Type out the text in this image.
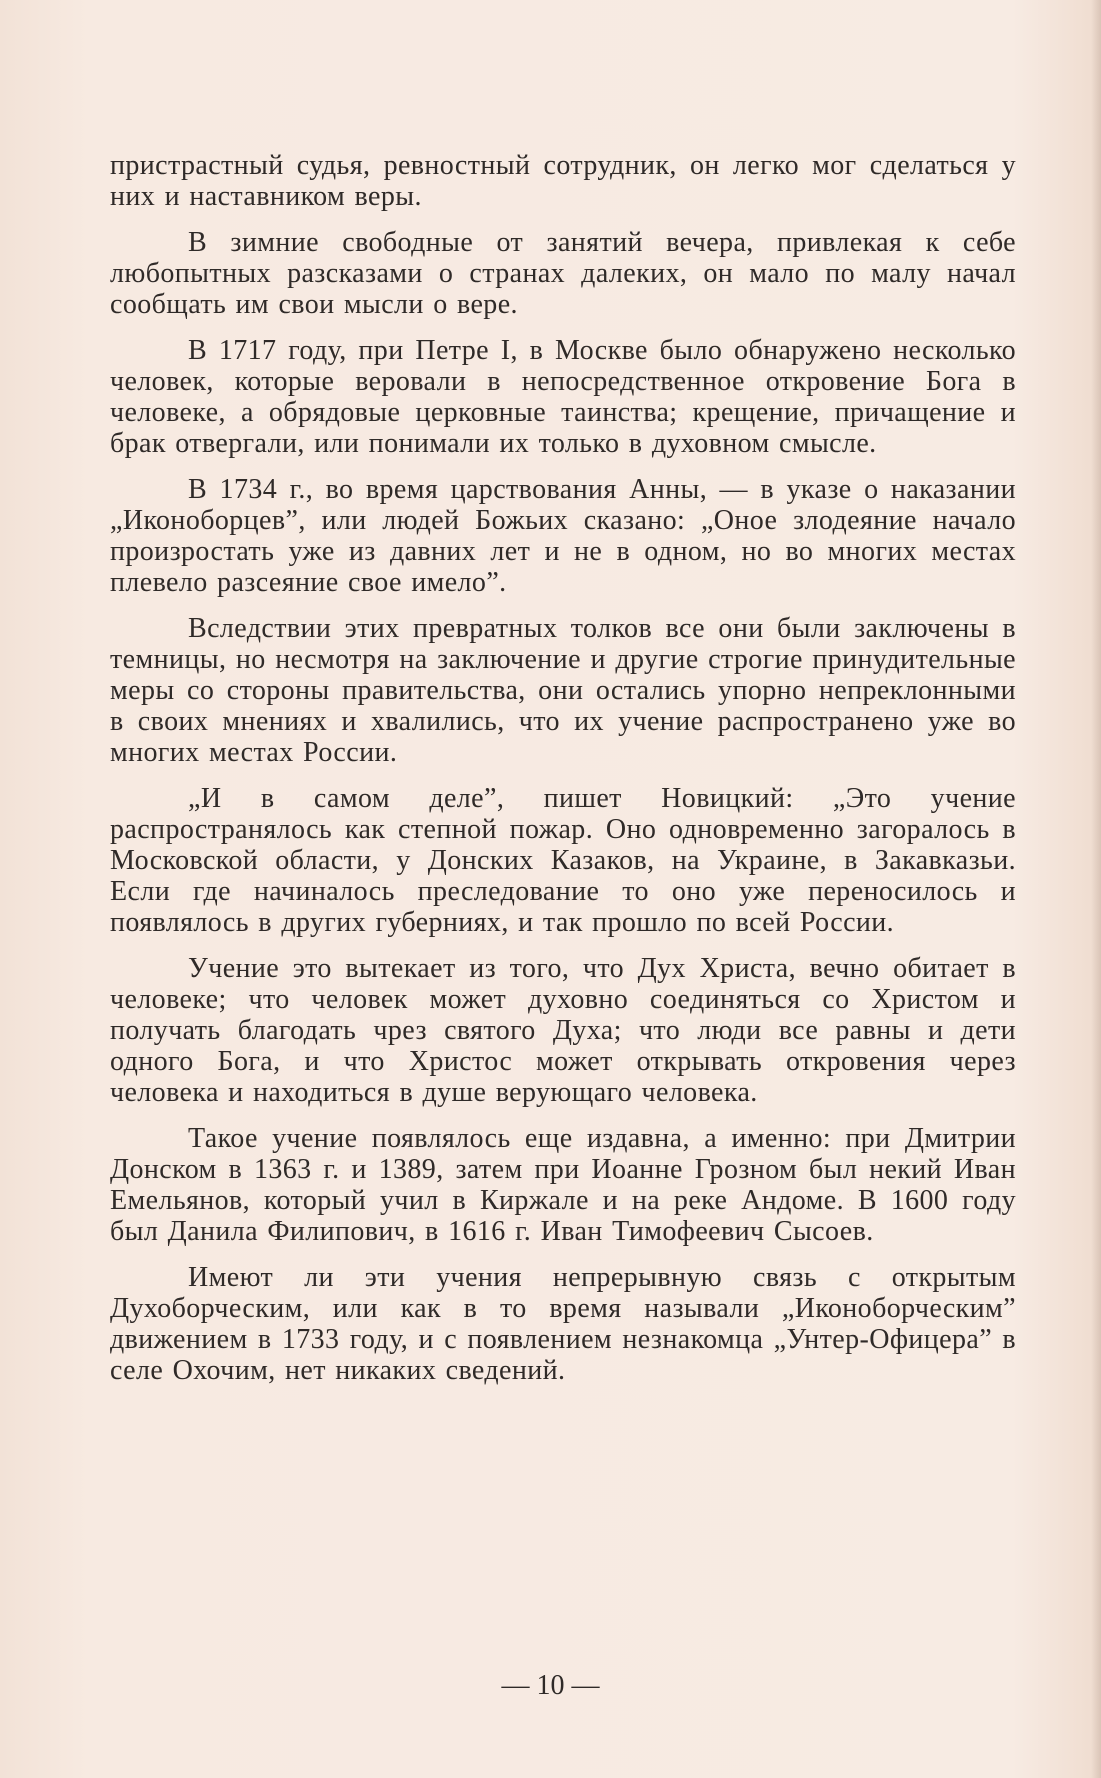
пристрастный судья, ревностный сотрудник, он легко мог сделаться у них и наставником веры.

В зимние свободные от занятий вечера, привлекая к себе любопытных разсказами о странах далеких, он мало по малу начал сообщать им свои мысли о вере.

В 1717 году, при Петре I, в Москве было обнаружено несколько человек, которые веровали в непосредственное откровение Бога в человеке, а обрядовые церковные таинства; крещение, причащение и брак отвергали, или понимали их только в духовном смысле.

В 1734 г., во время царствования Анны, — в указе о наказании „Иконоборцев”, или людей Божьих сказано: „Оное злодеяние начало произростать уже из давних лет и не в одном, но во многих местах плевело разсеяние свое имело”.

Вследствии этих превратных толков все они были заключены в темницы, но несмотря на заключение и другие строгие принудительные меры со стороны правительства, они остались упорно непреклонными в своих мнениях и хвалились, что их учение распространено уже во многих местах России.

„И в самом деле”, пишет Новицкий: „Это учение распространялось как степной пожар. Оно одновременно загоралось в Московской области, у Донских Казаков, на Украине, в Закавказьи. Если где начиналось преследование то оно уже переносилось и появлялось в других губерниях, и так прошло по всей России.

Учение это вытекает из того, что Дух Христа, вечно обитает в человеке; что человек может духовно соединяться со Христом и получать благодать чрез святого Духа; что люди все равны и дети одного Бога, и что Христос может открывать откровения через человека и находиться в душе верующаго человека.

Такое учение появлялось еще издавна, а именно: при Дмитрии Донском в 1363 г. и 1389, затем при Иоанне Грозном был некий Иван Емельянов, который учил в Киржале и на реке Андоме. В 1600 году был Данила Филипович, в 1616 г. Иван Тимофеевич Сысоев.

Имеют ли эти учения непрерывную связь с открытым Духоборческим, или как в то время называли „Иконоборческим” движением в 1733 году, и с появлением незнакомца „Унтер-Офицера” в селе Охочим, нет никаких сведений.

— 10 —
